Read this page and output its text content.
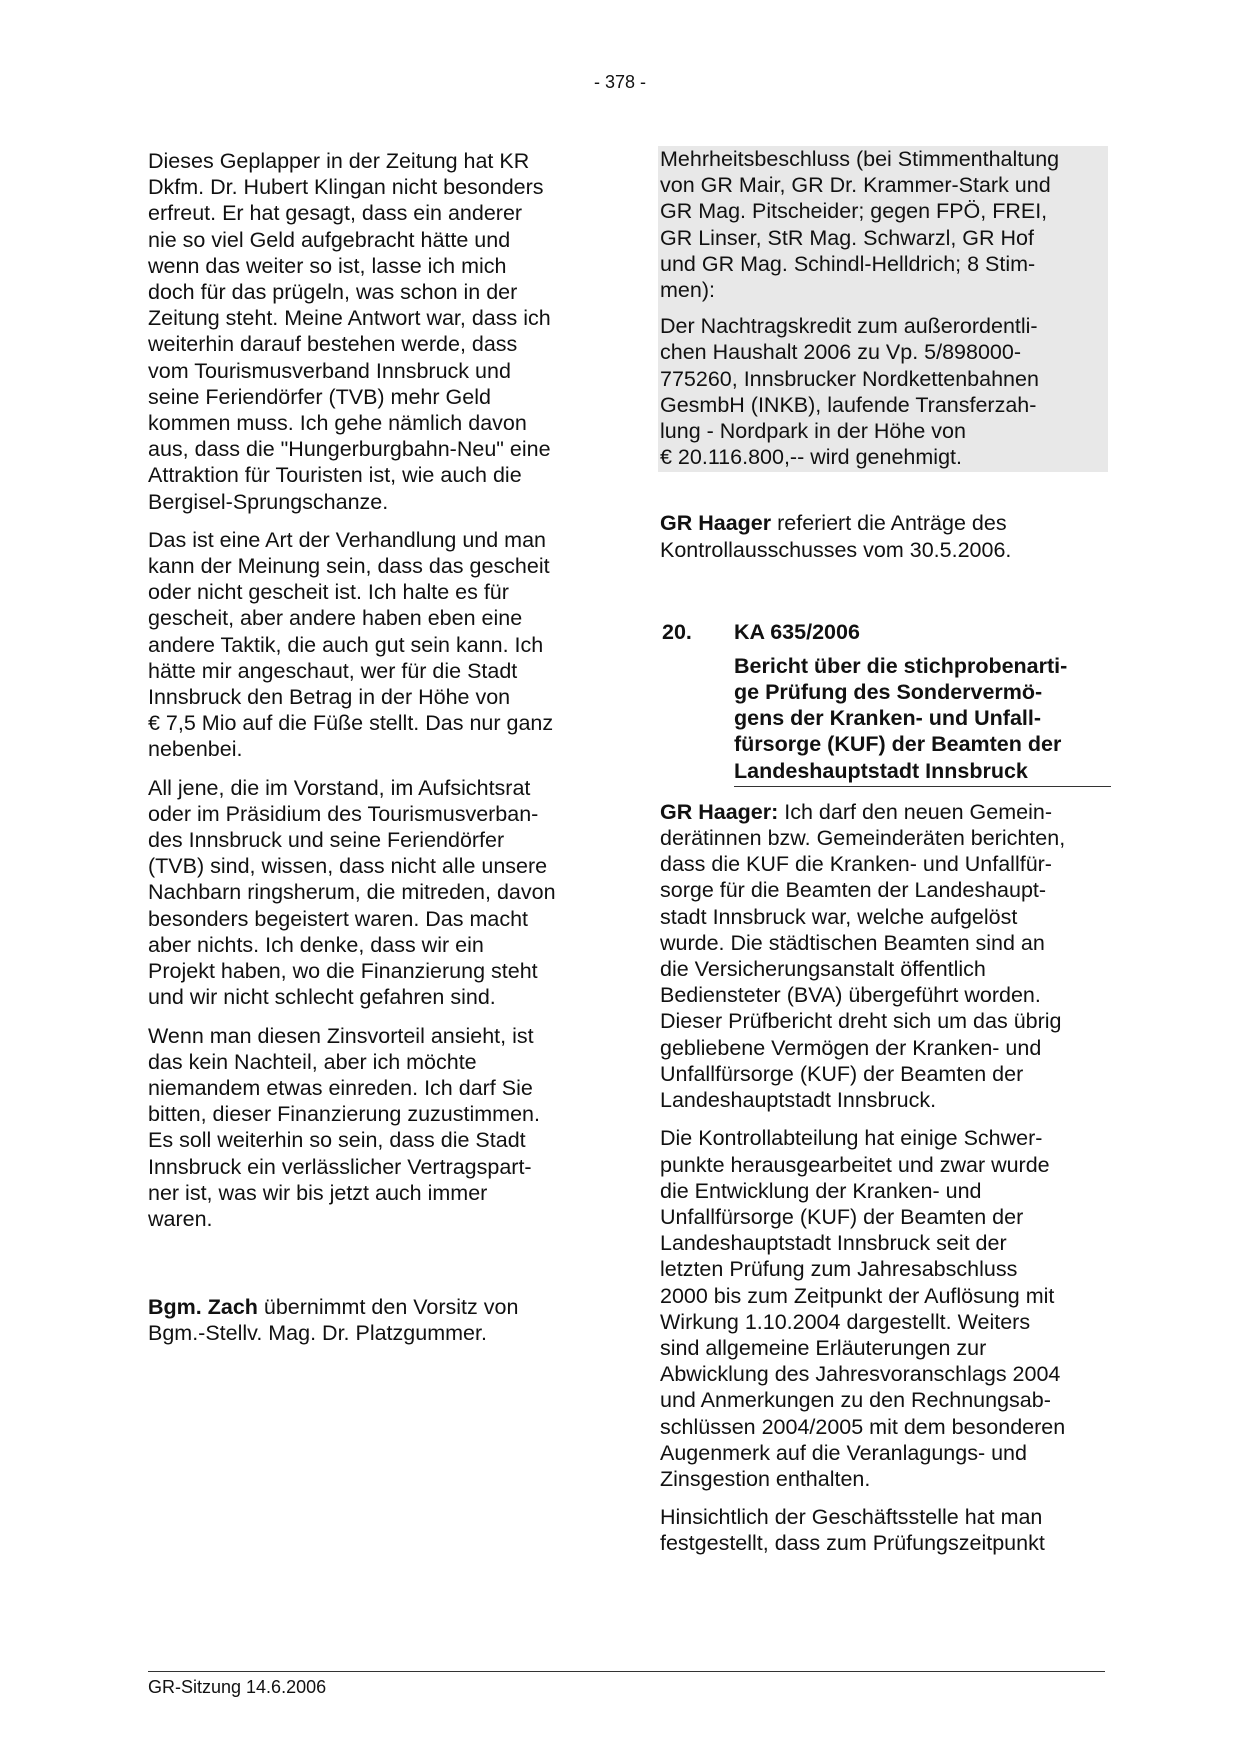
- 378 -
Dieses Geplapper in der Zeitung hat KR
Dkfm. Dr. Hubert Klingan nicht besonders
erfreut. Er hat gesagt, dass ein anderer
nie so viel Geld aufgebracht hätte und
wenn das weiter so ist, lasse ich mich
doch für das prügeln, was schon in der
Zeitung steht. Meine Antwort war, dass ich
weiterhin darauf bestehen werde, dass
vom Tourismusverband Innsbruck und
seine Feriendörfer (TVB) mehr Geld
kommen muss. Ich gehe nämlich davon
aus, dass die "Hungerburgbahn-Neu" eine
Attraktion für Touristen ist, wie auch die
Bergisel-Sprungschanze.
Das ist eine Art der Verhandlung und man
kann der Meinung sein, dass das gescheit
oder nicht gescheit ist. Ich halte es für
gescheit, aber andere haben eben eine
andere Taktik, die auch gut sein kann. Ich
hätte mir angeschaut, wer für die Stadt
Innsbruck den Betrag in der Höhe von
€ 7,5 Mio auf die Füße stellt. Das nur ganz
nebenbei.
All jene, die im Vorstand, im Aufsichtsrat
oder im Präsidium des Tourismusverban-
des Innsbruck und seine Feriendörfer
(TVB) sind, wissen, dass nicht alle unsere
Nachbarn ringsherum, die mitreden, davon
besonders begeistert waren. Das macht
aber nichts. Ich denke, dass wir ein
Projekt haben, wo die Finanzierung steht
und wir nicht schlecht gefahren sind.
Wenn man diesen Zinsvorteil ansieht, ist
das kein Nachteil, aber ich möchte
niemandem etwas einreden. Ich darf Sie
bitten, dieser Finanzierung zuzustimmen.
Es soll weiterhin so sein, dass die Stadt
Innsbruck ein verlässlicher Vertragspart-
ner ist, was wir bis jetzt auch immer
waren.
Bgm. Zach übernimmt den Vorsitz von
Bgm.-Stellv. Mag. Dr. Platzgummer.
Mehrheitsbeschluss (bei Stimmenthaltung
von GR Mair, GR Dr. Krammer-Stark und
GR Mag. Pitscheider; gegen FPÖ, FREI,
GR Linser, StR Mag. Schwarzl, GR Hof
und GR Mag. Schindl-Helldrich; 8 Stim-
men):
Der Nachtragskredit zum außerordentli-
chen Haushalt 2006 zu Vp. 5/898000-
775260, Innsbrucker Nordkettenbahnen
GesmbH (INKB), laufende Transferzah-
lung - Nordpark in der Höhe von
€ 20.116.800,-- wird genehmigt.
GR Haager referiert die Anträge des
Kontrollausschusses vom 30.5.2006.
20. KA 635/2006
Bericht über die stichprobenarti-
ge Prüfung des Sondervermö-
gens der Kranken- und Unfall-
fürsorge (KUF) der Beamten der
Landeshauptstadt Innsbruck
GR Haager: Ich darf den neuen Gemein-
derätinnen bzw. Gemeinderäten berichten,
dass die KUF die Kranken- und Unfallfür-
sorge für die Beamten der Landeshaupt-
stadt Innsbruck war, welche aufgelöst
wurde. Die städtischen Beamten sind an
die Versicherungsanstalt öffentlich
Bediensteter (BVA) übergeführt worden.
Dieser Prüfbericht dreht sich um das übrig
gebliebene Vermögen der Kranken- und
Unfallfürsorge (KUF) der Beamten der
Landeshauptstadt Innsbruck.
Die Kontrollabteilung hat einige Schwer-
punkte herausgearbeitet und zwar wurde
die Entwicklung der Kranken- und
Unfallfürsorge (KUF) der Beamten der
Landeshauptstadt Innsbruck seit der
letzten Prüfung zum Jahresabschluss
2000 bis zum Zeitpunkt der Auflösung mit
Wirkung 1.10.2004 dargestellt. Weiters
sind allgemeine Erläuterungen zur
Abwicklung des Jahresvoranschlags 2004
und Anmerkungen zu den Rechnungsab-
schlüssen 2004/2005 mit dem besonderen
Augenmerk auf die Veranlagungs- und
Zinsgestion enthalten.
Hinsichtlich der Geschäftsstelle hat man
festgestellt, dass zum Prüfungszeitpunkt
GR-Sitzung 14.6.2006
